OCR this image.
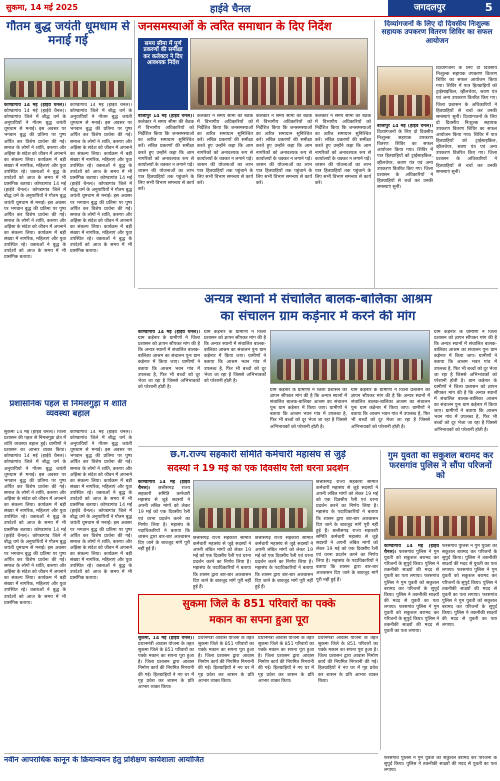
सुकमा, 14 मई 2025	हाईवे चैनल	जगदलपुर	5
गौतम बुद्ध जयंती धूमधाम से मनाई गई
कोण्डागांव 14 मई (हाईवे चैनल)। कोण्डागांव 14 मई (हाईवे चैनल)। कोण्डागांव जिले में बौद्ध धर्म के अनुयायियों ने गौतम बुद्ध जयंती धूमधाम से मनाई। इस अवसर पर भगवान बुद्ध की प्रतिमा पर पुष्प अर्पित कर विशेष प्रार्थना की गई। समाज के लोगों ने शांति, करुणा और अहिंसा के संदेश को जीवन में अपनाने का संकल्प लिया। कार्यक्रम में बड़ी संख्या में नागरिक, महिलाएं और युवा उपस्थित रहे। वक्ताओं ने बुद्ध के उपदेशों को आज के समय में भी प्रासंगिक बताया। कोण्डागांव 14 मई (हाईवे चैनल)। कोण्डागांव जिले में बौद्ध धर्म के अनुयायियों ने गौतम बुद्ध जयंती धूमधाम से मनाई। इस अवसर पर भगवान बुद्ध की प्रतिमा पर पुष्प अर्पित कर विशेष प्रार्थना की गई। समाज के लोगों ने शांति, करुणा और अहिंसा के संदेश को जीवन में अपनाने का संकल्प लिया। कार्यक्रम में बड़ी संख्या में नागरिक, महिलाएं और युवा उपस्थित रहे। वक्ताओं ने बुद्ध के उपदेशों को आज के समय में भी प्रासंगिक बताया।
कोण्डागांव 14 मई (हाईवे चैनल)। कोण्डागांव जिले में बौद्ध धर्म के अनुयायियों ने गौतम बुद्ध जयंती धूमधाम से मनाई। इस अवसर पर भगवान बुद्ध की प्रतिमा पर पुष्प अर्पित कर विशेष प्रार्थना की गई। समाज के लोगों ने शांति, करुणा और अहिंसा के संदेश को जीवन में अपनाने का संकल्प लिया। कार्यक्रम में बड़ी संख्या में नागरिक, महिलाएं और युवा उपस्थित रहे। वक्ताओं ने बुद्ध के उपदेशों को आज के समय में भी प्रासंगिक बताया। कोण्डागांव 14 मई (हाईवे चैनल)। कोण्डागांव जिले में बौद्ध धर्म के अनुयायियों ने गौतम बुद्ध जयंती धूमधाम से मनाई। इस अवसर पर भगवान बुद्ध की प्रतिमा पर पुष्प अर्पित कर विशेष प्रार्थना की गई। समाज के लोगों ने शांति, करुणा और अहिंसा के संदेश को जीवन में अपनाने का संकल्प लिया। कार्यक्रम में बड़ी संख्या में नागरिक, महिलाएं और युवा उपस्थित रहे। वक्ताओं ने बुद्ध के उपदेशों को आज के समय में भी प्रासंगिक बताया।
प्रशासनिक पहल से निमलगुड़ा में शांति व्यवस्था बहाल
सुकमा 14 मई (हाईवे चैनल)। जिला प्रशासन की पहल से निमलगुड़ा क्षेत्र में शांति व्यवस्था बहाल हुई। ग्रामीणों ने प्रशासन का आभार व्यक्त किया। कोण्डागांव 14 मई (हाईवे चैनल)। कोण्डागांव जिले में बौद्ध धर्म के अनुयायियों ने गौतम बुद्ध जयंती धूमधाम से मनाई। इस अवसर पर भगवान बुद्ध की प्रतिमा पर पुष्प अर्पित कर विशेष प्रार्थना की गई। समाज के लोगों ने शांति, करुणा और अहिंसा के संदेश को जीवन में अपनाने का संकल्प लिया। कार्यक्रम में बड़ी संख्या में नागरिक, महिलाएं और युवा उपस्थित रहे। वक्ताओं ने बुद्ध के उपदेशों को आज के समय में भी प्रासंगिक बताया। कोण्डागांव 14 मई (हाईवे चैनल)। कोण्डागांव जिले में बौद्ध धर्म के अनुयायियों ने गौतम बुद्ध जयंती धूमधाम से मनाई। इस अवसर पर भगवान बुद्ध की प्रतिमा पर पुष्प अर्पित कर विशेष प्रार्थना की गई। समाज के लोगों ने शांति, करुणा और अहिंसा के संदेश को जीवन में अपनाने का संकल्प लिया। कार्यक्रम में बड़ी संख्या में नागरिक, महिलाएं और युवा उपस्थित रहे। वक्ताओं ने बुद्ध के उपदेशों को आज के समय में भी प्रासंगिक बताया।
कोण्डागांव 14 मई (हाईवे चैनल)। कोण्डागांव जिले में बौद्ध धर्म के अनुयायियों ने गौतम बुद्ध जयंती धूमधाम से मनाई। इस अवसर पर भगवान बुद्ध की प्रतिमा पर पुष्प अर्पित कर विशेष प्रार्थना की गई। समाज के लोगों ने शांति, करुणा और अहिंसा के संदेश को जीवन में अपनाने का संकल्प लिया। कार्यक्रम में बड़ी संख्या में नागरिक, महिलाएं और युवा उपस्थित रहे। वक्ताओं ने बुद्ध के उपदेशों को आज के समय में भी प्रासंगिक बताया। कोण्डागांव 14 मई (हाईवे चैनल)। कोण्डागांव जिले में बौद्ध धर्म के अनुयायियों ने गौतम बुद्ध जयंती धूमधाम से मनाई। इस अवसर पर भगवान बुद्ध की प्रतिमा पर पुष्प अर्पित कर विशेष प्रार्थना की गई। समाज के लोगों ने शांति, करुणा और अहिंसा के संदेश को जीवन में अपनाने का संकल्प लिया। कार्यक्रम में बड़ी संख्या में नागरिक, महिलाएं और युवा उपस्थित रहे। वक्ताओं ने बुद्ध के उपदेशों को आज के समय में भी प्रासंगिक बताया।
जनसमस्याओं के त्वरित समाधान के दिए निर्देश
समय सीमा में पूर्ण प्रकरणों की समीक्षा कर कलेक्टर ने दिए आवश्यक निर्देश
बीजापुर 14 मई (हाईवे चैनल)। कलेक्टर ने समय सीमा की बैठक में विभागीय अधिकारियों को निर्देशित किया कि जनसमस्याओं का त्वरित समाधान सुनिश्चित करें। लंबित प्रकरणों की समीक्षा करते हुए उन्होंने कहा कि आम नागरिकों को अनावश्यक रूप से कार्यालयों के चक्कर न लगाने पड़ें। शासन की योजनाओं का लाभ पात्र हितग्राहियों तक पहुंचाने के लिए सभी विभाग समन्वय से कार्य करें।
कलेक्टर ने समय सीमा की बैठक में विभागीय अधिकारियों को निर्देशित किया कि जनसमस्याओं का त्वरित समाधान सुनिश्चित करें। लंबित प्रकरणों की समीक्षा करते हुए उन्होंने कहा कि आम नागरिकों को अनावश्यक रूप से कार्यालयों के चक्कर न लगाने पड़ें। शासन की योजनाओं का लाभ पात्र हितग्राहियों तक पहुंचाने के लिए सभी विभाग समन्वय से कार्य करें।
कलेक्टर ने समय सीमा की बैठक में विभागीय अधिकारियों को निर्देशित किया कि जनसमस्याओं का त्वरित समाधान सुनिश्चित करें। लंबित प्रकरणों की समीक्षा करते हुए उन्होंने कहा कि आम नागरिकों को अनावश्यक रूप से कार्यालयों के चक्कर न लगाने पड़ें। शासन की योजनाओं का लाभ पात्र हितग्राहियों तक पहुंचाने के लिए सभी विभाग समन्वय से कार्य करें।
कलेक्टर ने समय सीमा की बैठक में विभागीय अधिकारियों को निर्देशित किया कि जनसमस्याओं का त्वरित समाधान सुनिश्चित करें। लंबित प्रकरणों की समीक्षा करते हुए उन्होंने कहा कि आम नागरिकों को अनावश्यक रूप से कार्यालयों के चक्कर न लगाने पड़ें। शासन की योजनाओं का लाभ पात्र हितग्राहियों तक पहुंचाने के लिए सभी विभाग समन्वय से कार्य करें।
दिव्यांगजनों के लिए दो दिवसीय निःशुल्क सहायक उपकरण वितरण शिविर का सफल आयोजन
दिव्यांगजनों के लिए दो दिवसीय निःशुल्क सहायक उपकरण वितरण शिविर का सफल आयोजन किया गया। शिविर में पात्र हितग्राहियों को ट्राईसाइकिल, व्हीलचेयर, श्रवण यंत्र एवं अन्य उपकरण वितरित किए गए। जिला प्रशासन के अधिकारियों ने हितग्राहियों से चर्चा कर उनकी समस्याएं सुनीं। दिव्यांगजनों के लिए दो दिवसीय निःशुल्क सहायक उपकरण वितरण शिविर का सफल आयोजन किया गया। शिविर में पात्र हितग्राहियों को ट्राईसाइकिल, व्हीलचेयर, श्रवण यंत्र एवं अन्य उपकरण वितरित किए गए। जिला प्रशासन के अधिकारियों ने हितग्राहियों से चर्चा कर उनकी समस्याएं सुनीं।
बीजापुर 14 मई (हाईवे चैनल)। दिव्यांगजनों के लिए दो दिवसीय निःशुल्क सहायक उपकरण वितरण शिविर का सफल आयोजन किया गया। शिविर में पात्र हितग्राहियों को ट्राईसाइकिल, व्हीलचेयर, श्रवण यंत्र एवं अन्य उपकरण वितरित किए गए। जिला प्रशासन के अधिकारियों ने हितग्राहियों से चर्चा कर उनकी समस्याएं सुनीं।
अन्यत्र स्थानों में संचालित बालक-बालिका आश्रम
का संचालन ग्राम कड़ेनार में करने की मांग
कोण्डागांव 14 मई (हाईवे चैनल)। ग्राम कड़ेनार के ग्रामीणों ने जिला प्रशासन को ज्ञापन सौंपकर मांग की है कि अन्यत्र स्थानों में संचालित बालक-बालिका आश्रम का संचालन पुनः ग्राम कड़ेनार में किया जाए। ग्रामीणों ने बताया कि आश्रम भवन गांव में उपलब्ध है, फिर भी बच्चों को दूर भेजा जा रहा है जिससे अभिभावकों को परेशानी होती है।
ग्राम कड़ेनार के ग्रामीणों ने जिला प्रशासन को ज्ञापन सौंपकर मांग की है कि अन्यत्र स्थानों में संचालित बालक-बालिका आश्रम का संचालन पुनः ग्राम कड़ेनार में किया जाए। ग्रामीणों ने बताया कि आश्रम भवन गांव में उपलब्ध है, फिर भी बच्चों को दूर भेजा जा रहा है जिससे अभिभावकों को परेशानी होती है।
ग्राम कड़ेनार के ग्रामीणों ने जिला प्रशासन को ज्ञापन सौंपकर मांग की है कि अन्यत्र स्थानों में संचालित बालक-बालिका आश्रम का संचालन पुनः ग्राम कड़ेनार में किया जाए। ग्रामीणों ने बताया कि आश्रम भवन गांव में उपलब्ध है, फिर भी बच्चों को दूर भेजा जा रहा है जिससे अभिभावकों को परेशानी होती है।
ग्राम कड़ेनार के ग्रामीणों ने जिला प्रशासन को ज्ञापन सौंपकर मांग की है कि अन्यत्र स्थानों में संचालित बालक-बालिका आश्रम का संचालन पुनः ग्राम कड़ेनार में किया जाए। ग्रामीणों ने बताया कि आश्रम भवन गांव में उपलब्ध है, फिर भी बच्चों को दूर भेजा जा रहा है जिससे अभिभावकों को परेशानी होती है।
ग्राम कड़ेनार के ग्रामीणों ने जिला प्रशासन को ज्ञापन सौंपकर मांग की है कि अन्यत्र स्थानों में संचालित बालक-बालिका आश्रम का संचालन पुनः ग्राम कड़ेनार में किया जाए। ग्रामीणों ने बताया कि आश्रम भवन गांव में उपलब्ध है, फिर भी बच्चों को दूर भेजा जा रहा है जिससे अभिभावकों को परेशानी होती है। ग्राम कड़ेनार के ग्रामीणों ने जिला प्रशासन को ज्ञापन सौंपकर मांग की है कि अन्यत्र स्थानों में संचालित बालक-बालिका आश्रम का संचालन पुनः ग्राम कड़ेनार में किया जाए। ग्रामीणों ने बताया कि आश्रम भवन गांव में उपलब्ध है, फिर भी बच्चों को दूर भेजा जा रहा है जिससे अभिभावकों को परेशानी होती है।
छ.ग.राज्य सहकारी समिति कर्मचारी महासंघ से जुड़े
सदस्यों ने 19 मई को एक दिवसीय रैली धरना प्रदर्शन
कोण्डागांव 14 मई (हाईवे चैनल)। छत्तीसगढ़ राज्य सहकारी समिति कर्मचारी महासंघ से जुड़े सदस्यों ने अपनी लंबित मांगों को लेकर 19 मई को एक दिवसीय रैली एवं धरना प्रदर्शन करने का निर्णय लिया है। महासंघ के पदाधिकारियों ने बताया कि शासन द्वारा बार-बार आश्वासन दिए जाने के बावजूद मांगें पूरी नहीं हुई हैं।
छत्तीसगढ़ राज्य सहकारी समिति कर्मचारी महासंघ से जुड़े सदस्यों ने अपनी लंबित मांगों को लेकर 19 मई को एक दिवसीय रैली एवं धरना प्रदर्शन करने का निर्णय लिया है। महासंघ के पदाधिकारियों ने बताया कि शासन द्वारा बार-बार आश्वासन दिए जाने के बावजूद मांगें पूरी नहीं हुई हैं।
छत्तीसगढ़ राज्य सहकारी समिति कर्मचारी महासंघ से जुड़े सदस्यों ने अपनी लंबित मांगों को लेकर 19 मई को एक दिवसीय रैली एवं धरना प्रदर्शन करने का निर्णय लिया है। महासंघ के पदाधिकारियों ने बताया कि शासन द्वारा बार-बार आश्वासन दिए जाने के बावजूद मांगें पूरी नहीं हुई हैं।
छत्तीसगढ़ राज्य सहकारी समिति कर्मचारी महासंघ से जुड़े सदस्यों ने अपनी लंबित मांगों को लेकर 19 मई को एक दिवसीय रैली एवं धरना प्रदर्शन करने का निर्णय लिया है। महासंघ के पदाधिकारियों ने बताया कि शासन द्वारा बार-बार आश्वासन दिए जाने के बावजूद मांगें पूरी नहीं हुई हैं। छत्तीसगढ़ राज्य सहकारी समिति कर्मचारी महासंघ से जुड़े सदस्यों ने अपनी लंबित मांगों को लेकर 19 मई को एक दिवसीय रैली एवं धरना प्रदर्शन करने का निर्णय लिया है। महासंघ के पदाधिकारियों ने बताया कि शासन द्वारा बार-बार आश्वासन दिए जाने के बावजूद मांगें पूरी नहीं हुई हैं।
गुम युवती को सकुशल बरामद कर फरसगांव पुलिस ने सौंपा परिजनों को
कोण्डागांव 14 मई (हाईवे चैनल)। फरसगांव पुलिस ने गुम युवती को सकुशल बरामद कर परिजनों के सुपुर्द किया। पुलिस ने तकनीकी साक्ष्यों की मदद से युवती का पता लगाया। फरसगांव पुलिस ने गुम युवती को सकुशल बरामद कर परिजनों के सुपुर्द किया। पुलिस ने तकनीकी साक्ष्यों की मदद से युवती का पता लगाया। फरसगांव पुलिस ने गुम युवती को सकुशल बरामद कर परिजनों के सुपुर्द किया। पुलिस ने तकनीकी साक्ष्यों की मदद से युवती का पता लगाया।
फरसगांव पुलिस ने गुम युवती को सकुशल बरामद कर परिजनों के सुपुर्द किया। पुलिस ने तकनीकी साक्ष्यों की मदद से युवती का पता लगाया। फरसगांव पुलिस ने गुम युवती को सकुशल बरामद कर परिजनों के सुपुर्द किया। पुलिस ने तकनीकी साक्ष्यों की मदद से युवती का पता लगाया। फरसगांव पुलिस ने गुम युवती को सकुशल बरामद कर परिजनों के सुपुर्द किया। पुलिस ने तकनीकी साक्ष्यों की मदद से युवती का पता लगाया।
सुकमा जिले के 851 परिवारों का पक्के
मकान का सपना हुआ पूरा
सुकमा, 14 मई (हाईवे चैनल)। प्रधानमंत्री आवास योजना के तहत सुकमा जिले के 851 परिवारों का पक्के मकान का सपना पूरा हुआ है। जिला प्रशासन द्वारा आवास निर्माण कार्य की नियमित निगरानी की गई। हितग्राहियों ने नए घर में गृह प्रवेश कर शासन के प्रति आभार व्यक्त किया।
प्रधानमंत्री आवास योजना के तहत सुकमा जिले के 851 परिवारों का पक्के मकान का सपना पूरा हुआ है। जिला प्रशासन द्वारा आवास निर्माण कार्य की नियमित निगरानी की गई। हितग्राहियों ने नए घर में गृह प्रवेश कर शासन के प्रति आभार व्यक्त किया।
प्रधानमंत्री आवास योजना के तहत सुकमा जिले के 851 परिवारों का पक्के मकान का सपना पूरा हुआ है। जिला प्रशासन द्वारा आवास निर्माण कार्य की नियमित निगरानी की गई। हितग्राहियों ने नए घर में गृह प्रवेश कर शासन के प्रति आभार व्यक्त किया।
प्रधानमंत्री आवास योजना के तहत सुकमा जिले के 851 परिवारों का पक्के मकान का सपना पूरा हुआ है। जिला प्रशासन द्वारा आवास निर्माण कार्य की नियमित निगरानी की गई। हितग्राहियों ने नए घर में गृह प्रवेश कर शासन के प्रति आभार व्यक्त किया।
नवीन आपराधिक कानून के क्रियान्वयन हेतु प्रशिक्षण कार्यशाला आयोजित	फरसगांव पुलिस ने गुम युवती को सकुशल बरामद कर परिजनों के सुपुर्द किया। पुलिस ने तकनीकी साक्ष्यों की मदद से युवती का पता लगाया।
